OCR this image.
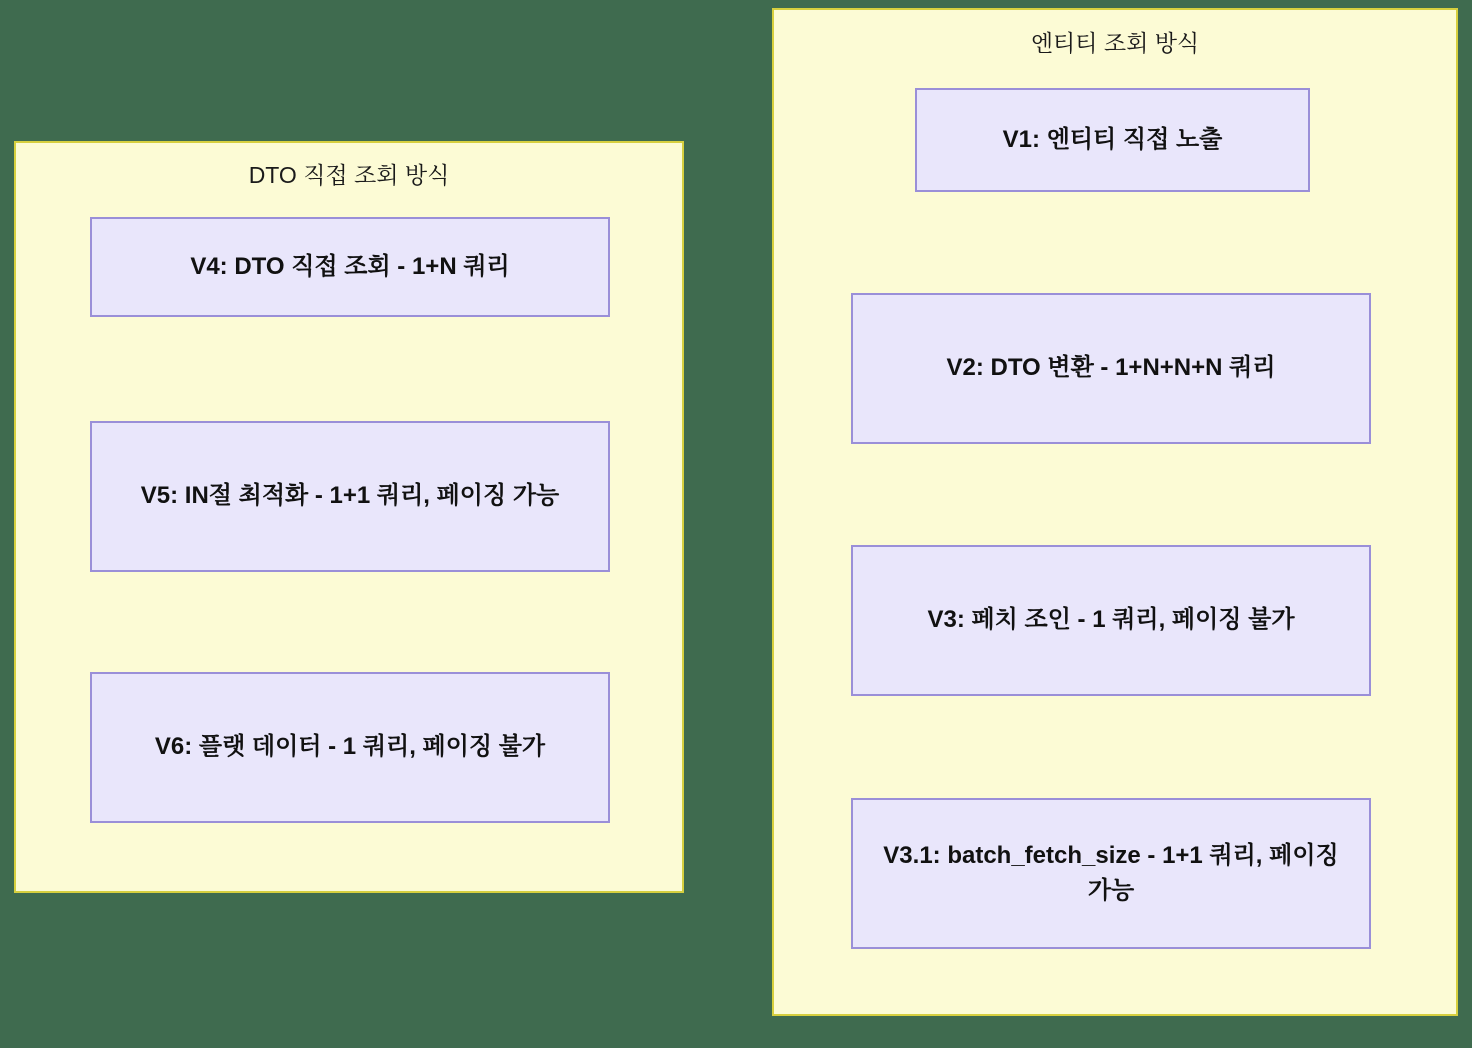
DTO 직접 조회 방식
V4: DTO 직접 조회 - 1+N 쿼리
V5: IN절 최적화 - 1+1 쿼리, 페이징 가능
V6: 플랫 데이터 - 1 쿼리, 페이징 불가
엔티티 조회 방식
V1: 엔티티 직접 노출
V2: DTO 변환 - 1+N+N+N 쿼리
V3: 페치 조인 - 1 쿼리, 페이징 불가
V3.1: batch_fetch_size - 1+1 쿼리, 페이징 가능
